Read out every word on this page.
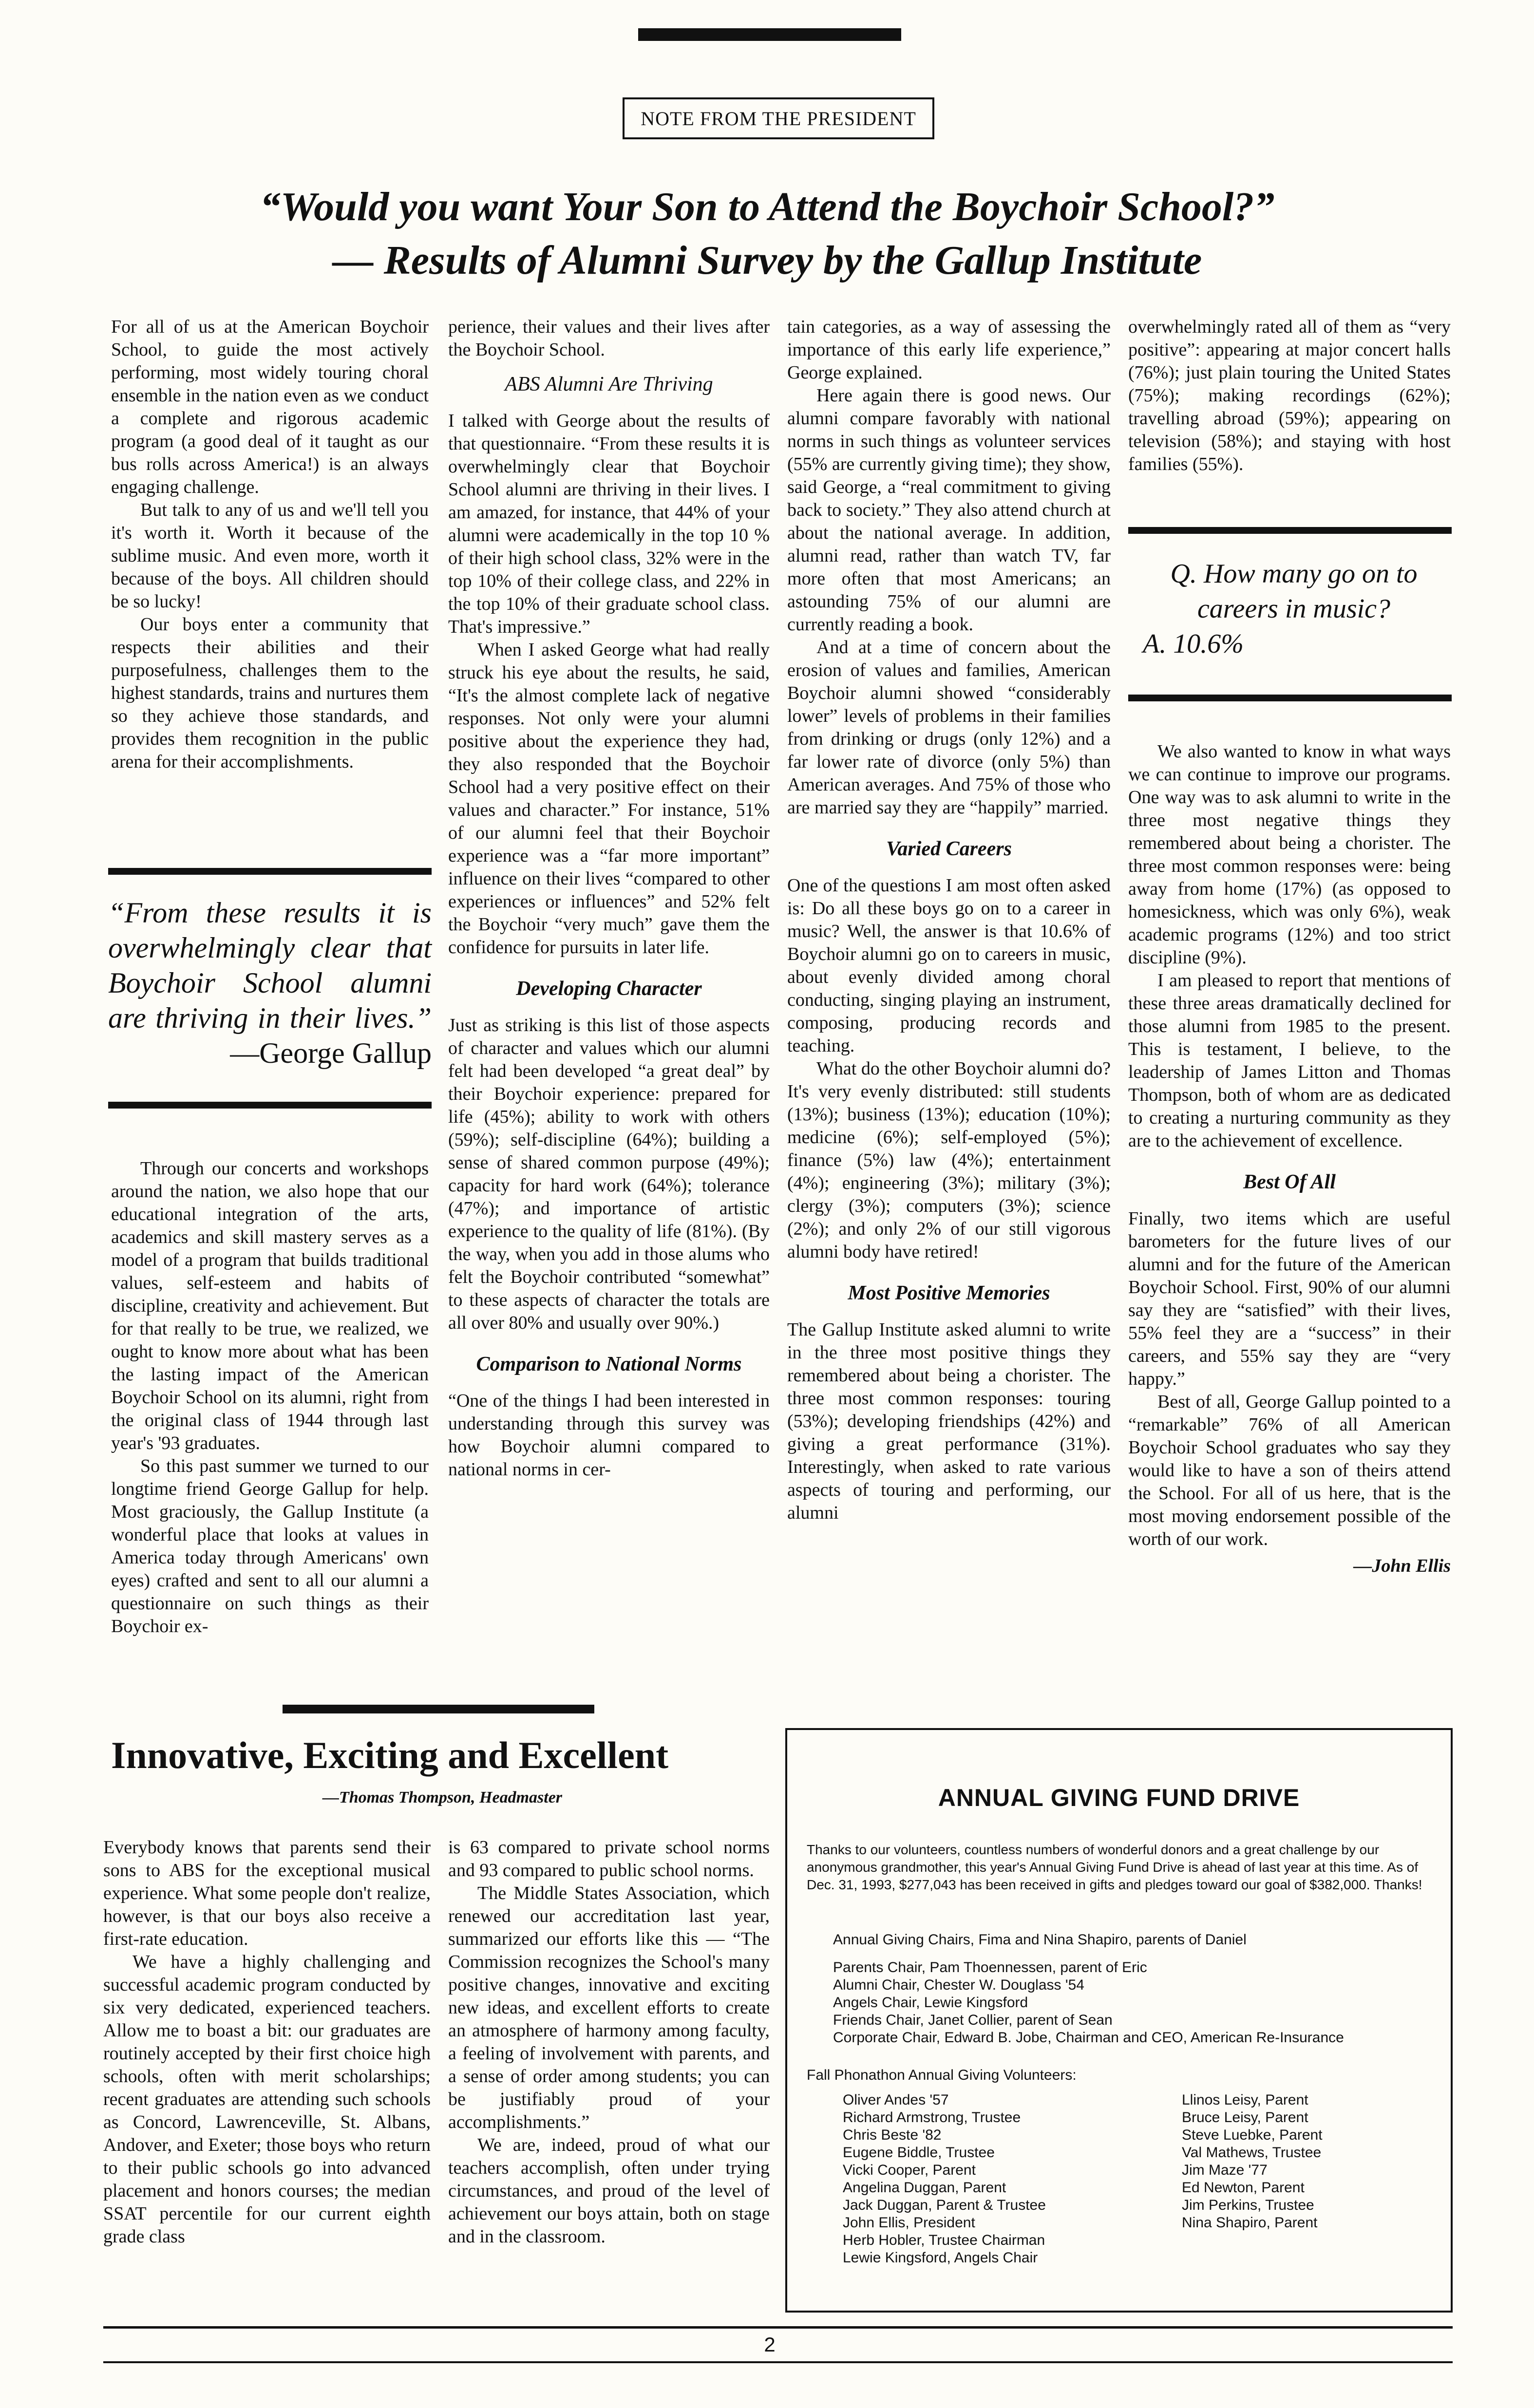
NOTE FROM THE PRESIDENT
“Would you want Your Son to Attend the Boychoir School?”
— Results of Alumni Survey by the Gallup Institute

For all of us at the American Boychoir School, to guide the most actively performing, most widely touring choral ensemble in the nation even as we conduct a complete and rigorous academic program (a good deal of it taught as our bus rolls across America!) is an always engaging challenge.

But talk to any of us and we'll tell you it's worth it. Worth it because of the sublime music. And even more, worth it because of the boys. All children should be so lucky!

Our boys enter a community that respects their abilities and their purposefulness, challenges them to the highest standards, trains and nurtures them so they achieve those standards, and provides them recognition in the public arena for their accomplishments.

“From these results it is
overwhelmingly clear that
Boychoir School alumni
are thriving in their lives.”
—George Gallup

Through our concerts and workshops around the nation, we also hope that our educational integration of the arts, academics and skill mastery serves as a model of a program that builds traditional values, self-esteem and habits of discipline, creativity and achievement. But for that really to be true, we realized, we ought to know more about what has been the lasting impact of the American Boychoir School on its alumni, right from the original class of 1944 through last year's '93 graduates.

So this past summer we turned to our longtime friend George Gallup for help. Most graciously, the Gallup Institute (a wonderful place that looks at values in America today through Americans' own eyes) crafted and sent to all our alumni a questionnaire on such things as their Boychoir ex-

perience, their values and their lives after the Boychoir School.

ABS Alumni Are Thriving

I talked with George about the results of that questionnaire. “From these results it is overwhelmingly clear that Boychoir School alumni are thriving in their lives. I am amazed, for instance, that 44% of your alumni were academically in the top 10 % of their high school class, 32% were in the top 10% of their college class, and 22% in the top 10% of their graduate school class. That's impressive.”

When I asked George what had really struck his eye about the results, he said, “It's the almost complete lack of negative responses. Not only were your alumni positive about the experience they had, they also responded that the Boychoir School had a very positive effect on their values and character.” For instance, 51% of our alumni feel that their Boychoir experience was a “far more important” influence on their lives “compared to other experiences or influences” and 52% felt the Boychoir “very much” gave them the confidence for pursuits in later life.

Developing Character

Just as striking is this list of those aspects of character and values which our alumni felt had been developed “a great deal” by their Boychoir experience: prepared for life (45%); ability to work with others (59%); self-discipline (64%); building a sense of shared common purpose (49%); capacity for hard work (64%); tolerance (47%); and importance of artistic experience to the quality of life (81%). (By the way, when you add in those alums who felt the Boychoir contributed “somewhat” to these aspects of character the totals are all over 80% and usually over 90%.)

Comparison to National Norms

“One of the things I had been interested in understanding through this survey was how Boychoir alumni compared to national norms in cer-

tain categories, as a way of assessing the importance of this early life experience,” George explained.

Here again there is good news. Our alumni compare favorably with national norms in such things as volunteer services (55% are currently giving time); they show, said George, a “real commitment to giving back to society.” They also attend church at about the national average. In addition, alumni read, rather than watch TV, far more often that most Americans; an astounding 75% of our alumni are currently reading a book.

And at a time of concern about the erosion of values and families, American Boychoir alumni showed “considerably lower” levels of problems in their families from drinking or drugs (only 12%) and a far lower rate of divorce (only 5%) than American averages. And 75% of those who are married say they are “happily” married.

Varied Careers

One of the questions I am most often asked is: Do all these boys go on to a career in music? Well, the answer is that 10.6% of Boychoir alumni go on to careers in music, about evenly divided among choral conducting, singing playing an instrument, composing, producing records and teaching.

What do the other Boychoir alumni do? It's very evenly distributed: still students (13%); business (13%); education (10%); medicine (6%); self-employed (5%); finance (5%) law (4%); entertainment (4%); engineering (3%); military (3%); clergy (3%); computers (3%); science (2%); and only 2% of our still vigorous alumni body have retired!

Most Positive Memories

The Gallup Institute asked alumni to write in the three most positive things they remembered about being a chorister. The three most common responses: touring (53%); developing friendships (42%) and giving a great performance (31%). Interestingly, when asked to rate various aspects of touring and performing, our alumni

overwhelmingly rated all of them as “very positive”: appearing at major concert halls (76%); just plain touring the United States (75%); making recordings (62%); travelling abroad (59%); appearing on television (58%); and staying with host families (55%).

Q. How many go on to
careers in music?
A. 10.6%

We also wanted to know in what ways we can continue to improve our programs. One way was to ask alumni to write in the three most negative things they remembered about being a chorister. The three most common responses were: being away from home (17%) (as opposed to homesickness, which was only 6%), weak academic programs (12%) and too strict discipline (9%).

I am pleased to report that mentions of these three areas dramatically declined for those alumni from 1985 to the present. This is testament, I believe, to the leadership of James Litton and Thomas Thompson, both of whom are as dedicated to creating a nurturing community as they are to the achievement of excellence.

Best Of All

Finally, two items which are useful barometers for the future lives of our alumni and for the future of the American Boychoir School. First, 90% of our alumni say they are “satisfied” with their lives, 55% feel they are a “success” in their careers, and 55% say they are “very happy.”

Best of all, George Gallup pointed to a “remarkable” 76% of all American Boychoir School graduates who say they would like to have a son of theirs attend the School. For all of us here, that is the most moving endorsement possible of the worth of our work.

—John Ellis
Innovative, Exciting and Excellent
—Thomas Thompson, Headmaster

Everybody knows that parents send their sons to ABS for the exceptional musical experience. What some people don't realize, however, is that our boys also receive a first-rate education.

We have a highly challenging and successful academic program conducted by six very dedicated, experienced teachers. Allow me to boast a bit: our graduates are routinely accepted by their first choice high schools, often with merit scholarships; recent graduates are attending such schools as Concord, Lawrenceville, St. Albans, Andover, and Exeter; those boys who return to their public schools go into advanced placement and honors courses; the median SSAT percentile for our current eighth grade class

is 63 compared to private school norms and 93 compared to public school norms.

The Middle States Association, which renewed our accreditation last year, summarized our efforts like this — “The Commission recognizes the School's many positive changes, innovative and exciting new ideas, and excellent efforts to create an atmosphere of harmony among faculty, a feeling of involvement with parents, and a sense of order among students; you can be justifiably proud of your accomplishments.”

We are, indeed, proud of what our teachers accomplish, often under trying circumstances, and proud of the level of achievement our boys attain, both on stage and in the classroom.

ANNUAL GIVING FUND DRIVE
Thanks to our volunteers, countless numbers of wonderful donors and a great challenge by our anonymous grandmother, this year's Annual Giving Fund Drive is ahead of last year at this time. As of Dec. 31, 1993, $277,043 has been received in gifts and pledges toward our goal of $382,000. Thanks!
Annual Giving Chairs, Fima and Nina Shapiro, parents of Daniel
Parents Chair, Pam Thoennessen, parent of Eric
Alumni Chair, Chester W. Douglass '54
Angels Chair, Lewie Kingsford
Friends Chair, Janet Collier, parent of Sean
Corporate Chair, Edward B. Jobe, Chairman and CEO, American Re-Insurance
Fall Phonathon Annual Giving Volunteers:
Oliver Andes '57
Richard Armstrong, Trustee
Chris Beste '82
Eugene Biddle, Trustee
Vicki Cooper, Parent
Angelina Duggan, Parent
Jack Duggan, Parent & Trustee
John Ellis, President
Herb Hobler, Trustee Chairman
Lewie Kingsford, Angels Chair
Llinos Leisy, Parent
Bruce Leisy, Parent
Steve Luebke, Parent
Val Mathews, Trustee
Jim Maze '77
Ed Newton, Parent
Jim Perkins, Trustee
Nina Shapiro, Parent
2
